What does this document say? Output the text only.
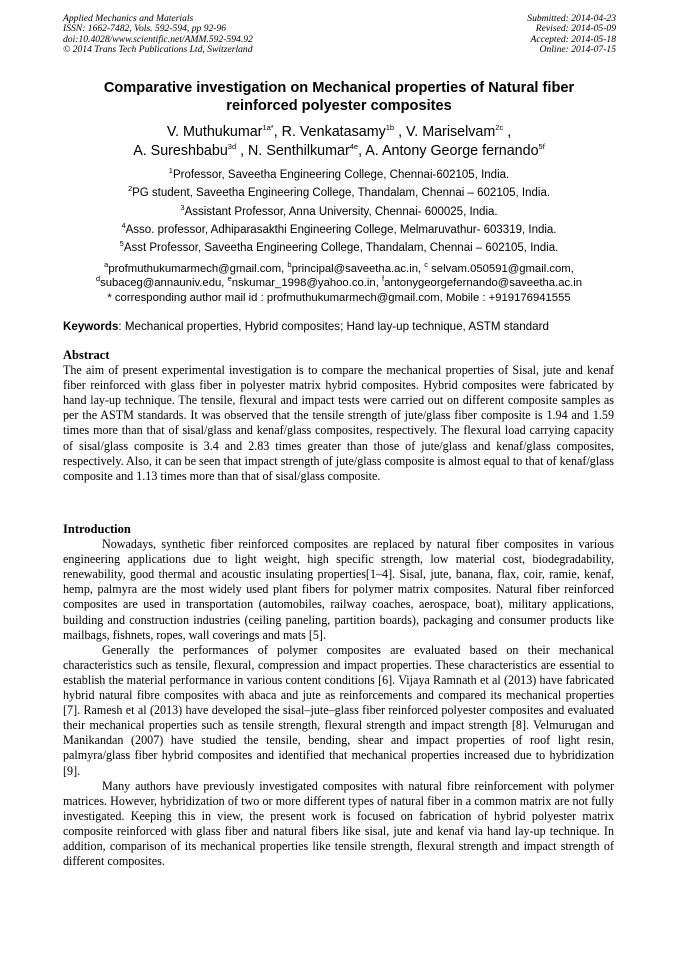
Applied Mechanics and Materials
ISSN: 1662-7482, Vols. 592-594, pp 92-96
doi:10.4028/www.scientific.net/AMM.592-594.92
© 2014 Trans Tech Publications Ltd, Switzerland
Submitted: 2014-04-23
Revised: 2014-05-09
Accepted: 2014-05-18
Online: 2014-07-15
Comparative investigation on Mechanical properties of Natural fiber
reinforced polyester composites
V. Muthukumar$^{1a*}$, R. Venkatasamy$^{1b}$ , V. Mariselvam$^{2c}$ ,
A. Sureshbabu$^{3d}$ , N. Senthilkumar$^{4e}$, A. Antony George fernando$^{5f}$
$^1$Professor, Saveetha Engineering College, Chennai-602105, India.
$^2$PG student, Saveetha Engineering College, Thandalam, Chennai – 602105, India.
$^3$Assistant Professor, Anna University, Chennai- 600025, India.
$^4$Asso. professor, Adhiparasakthi Engineering College, Melmaruvathur- 603319, India.
$^5$Asst Professor, Saveetha Engineering College, Thandalam, Chennai – 602105, India.
$^a$profmuthukumarmech@gmail.com, $^b$principal@saveetha.ac.in, $^c$ selvam.050591@gmail.com,
$^d$subaceg@annauniv.edu, $^e$nskumar_1998@yahoo.co.in, $^f$antonygeorgefernando@saveetha.ac.in
* corresponding author mail id : profmuthukumarmech@gmail.com, Mobile : +919176941555
Keywords: Mechanical properties, Hybrid composites; Hand lay-up technique, ASTM standard
Abstract

The aim of present experimental investigation is to compare the mechanical properties of Sisal, jute and kenaf fiber reinforced with glass fiber in polyester matrix hybrid composites. Hybrid composites were fabricated by hand lay-up technique. The tensile, flexural and impact tests were carried out on different composite samples as per the ASTM standards. It was observed that the tensile strength of jute/glass fiber composite is 1.94 and 1.59 times more than that of sisal/glass and kenaf/glass composites, respectively. The flexural load carrying capacity of sisal/glass composite is 3.4 and 2.83 times greater than those of jute/glass and kenaf/glass composites, respectively. Also, it can be seen that impact strength of jute/glass composite is almost equal to that of kenaf/glass composite and 1.13 times more than that of sisal/glass composite.

Introduction

Nowadays, synthetic fiber reinforced composites are replaced by natural fiber composites in various engineering applications due to light weight, high specific strength, low material cost, biodegradability, renewability, good thermal and acoustic insulating properties[1–4]. Sisal, jute, banana, flax, coir, ramie, kenaf, hemp, palmyra are the most widely used plant fibers for polymer matrix composites. Natural fiber reinforced composites are used in transportation (automobiles, railway coaches, aerospace, boat), military applications, building and construction industries (ceiling paneling, partition boards), packaging and consumer products like mailbags, fishnets, ropes, wall coverings and mats [5].

Generally the performances of polymer composites are evaluated based on their mechanical characteristics such as tensile, flexural, compression and impact properties. These characteristics are essential to establish the material performance in various content conditions [6]. Vijaya Ramnath et al (2013) have fabricated hybrid natural fibre composites with abaca and jute as reinforcements and compared its mechanical properties [7]. Ramesh et al (2013) have developed the sisal–jute–glass fiber reinforced polyester composites and evaluated their mechanical properties such as tensile strength, flexural strength and impact strength [8]. Velmurugan and Manikandan (2007) have studied the tensile, bending, shear and impact properties of roof light resin, palmyra/glass fiber hybrid composites and identified that mechanical properties increased due to hybridization [9].

Many authors have previously investigated composites with natural fibre reinforcement with polymer matrices. However, hybridization of two or more different types of natural fiber in a common matrix are not fully investigated. Keeping this in view, the present work is focused on fabrication of hybrid polyester matrix composite reinforced with glass fiber and natural fibers like sisal, jute and kenaf via hand lay-up technique. In addition, comparison of its mechanical properties like tensile strength, flexural strength and impact strength of different composites.
